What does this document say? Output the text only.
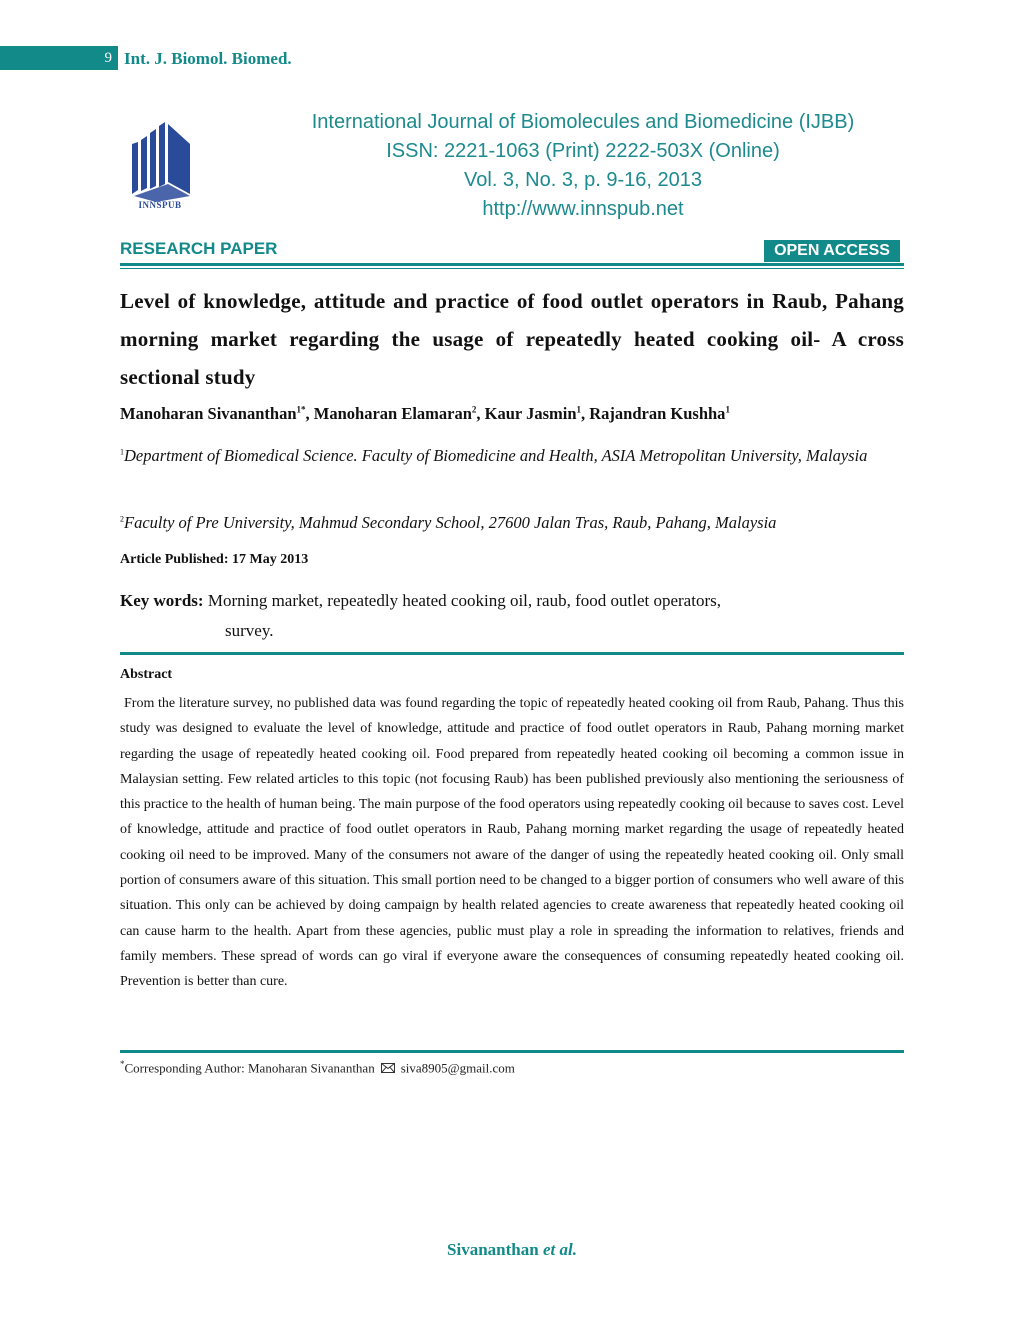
9 Int. J. Biomol. Biomed.
INNSPUB
International Journal of Biomolecules and Biomedicine (IJBB)
ISSN: 2221-1063 (Print) 2222-503X (Online)
Vol. 3, No. 3, p. 9-16, 2013
http://www.innspub.net
RESEARCH PAPER	OPEN ACCESS
Level of knowledge, attitude and practice of food outlet operators in Raub, Pahang morning market regarding the usage of repeatedly heated cooking oil- A cross sectional study
Manoharan Sivananthan$^{1*}$, Manoharan Elamaran$^2$, Kaur Jasmin$^1$, Rajandran Kushha$^1$
$^1$Department of Biomedical Science. Faculty of Biomedicine and Health, ASIA Metropolitan University, Malaysia
$^2$Faculty of Pre University, Mahmud Secondary School, 27600 Jalan Tras, Raub, Pahang, Malaysia
Article Published: 17 May 2013
Key words: Morning market, repeatedly heated cooking oil, raub, food outlet operators,
survey.
Abstract
From the literature survey, no published data was found regarding the topic of repeatedly heated cooking oil from Raub, Pahang. Thus this study was designed to evaluate the level of knowledge, attitude and practice of food outlet operators in Raub, Pahang morning market regarding the usage of repeatedly heated cooking oil. Food prepared from repeatedly heated cooking oil becoming a common issue in Malaysian setting. Few related articles to this topic (not focusing Raub) has been published previously also mentioning the seriousness of this practice to the health of human being. The main purpose of the food operators using repeatedly cooking oil because to saves cost. Level of knowledge, attitude and practice of food outlet operators in Raub, Pahang morning market regarding the usage of repeatedly heated cooking oil need to be improved. Many of the consumers not aware of the danger of using the repeatedly heated cooking oil. Only small portion of consumers aware of this situation. This small portion need to be changed to a bigger portion of consumers who well aware of this situation. This only can be achieved by doing campaign by health related agencies to create awareness that repeatedly heated cooking oil can cause harm to the health. Apart from these agencies, public must play a role in spreading the information to relatives, friends and family members. These spread of words can go viral if everyone aware the consequences of consuming repeatedly heated cooking oil. Prevention is better than cure.
*Corresponding Author: Manoharan Sivananthan siva8905@gmail.com
Sivananthan et al.
